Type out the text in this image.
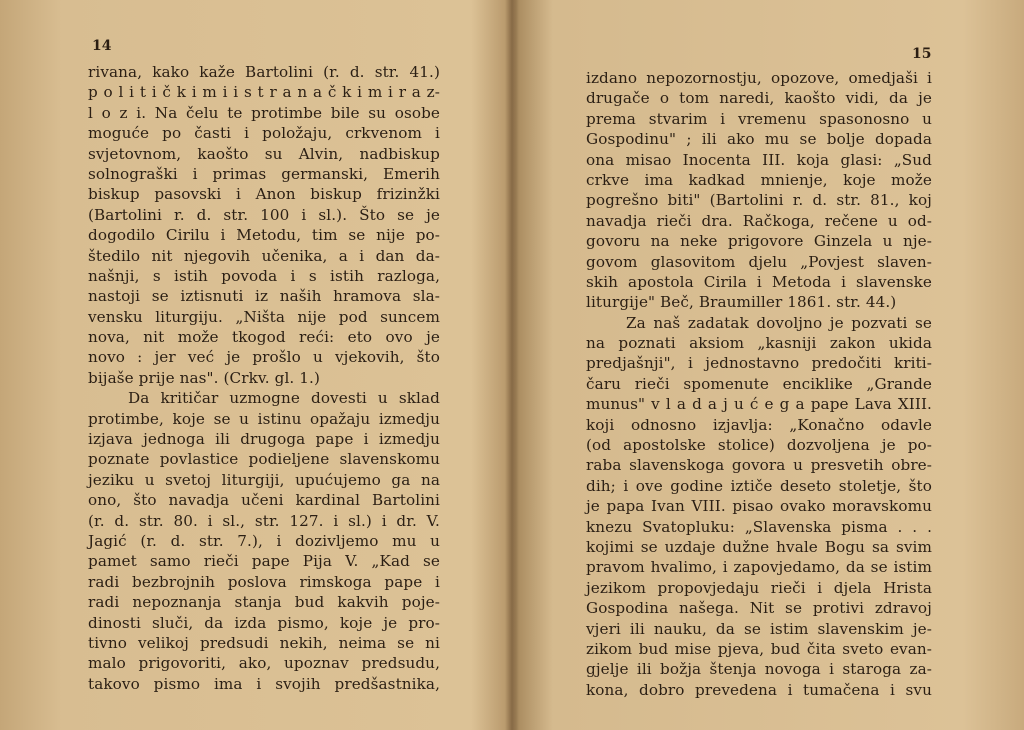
14
rivana, kako kaže Bartolini (r. d. str. 41.)
p o l i t i č k i m i i s t r a n a č k i m i r a z-
l o z i. Na čelu te protimbe bile su osobe
moguće po časti i položaju, crkvenom i
svjetovnom, kaošto su Alvin, nadbiskup
solnograški i primas germanski, Emerih
biskup pasovski i Anon biskup frizinžki
(Bartolini r. d. str. 100 i sl.). Što se je
dogodilo Cirilu i Metodu, tim se nije po-
štedilo nit njegovih učenika, a i dan da-
našnji, s istih povoda i s istih razloga,
nastoji se iztisnuti iz naših hramova sla-
vensku liturgiju. „Ništa nije pod suncem
nova, nit može tkogod reći: eto ovo je
novo : jer već je prošlo u vjekovih, što
bijaše prije nas". (Crkv. gl. 1.)
Da kritičar uzmogne dovesti u sklad
protimbe, koje se u istinu opažaju izmedju
izjava jednoga ili drugoga pape i izmedju
poznate povlastice podieljene slavenskomu
jeziku u svetoj liturgiji, upućujemo ga na
ono, što navadja učeni kardinal Bartolini
(r. d. str. 80. i sl., str. 127. i sl.) i dr. V.
Jagić (r. d. str. 7.), i dozivljemo mu u
pamet samo rieči pape Pija V. „Kad se
radi bezbrojnih poslova rimskoga pape i
radi nepoznanja stanja bud kakvih poje-
dinosti sluči, da izda pismo, koje je pro-
tivno velikoj predsudi nekih, neima se ni
malo prigovoriti, ako, upoznav predsudu,
takovo pismo ima i svojih predšastnika,
15
izdano nepozornostju, opozove, omedjaši i
drugače o tom naredi, kaošto vidi, da je
prema stvarim i vremenu spasonosno u
Gospodinu" ; ili ako mu se bolje dopada
ona misao Inocenta III. koja glasi: „Sud
crkve ima kadkad mnienje, koje može
pogrešno biti" (Bartolini r. d. str. 81., koj
navadja rieči dra. Račkoga, rečene u od-
govoru na neke prigovore Ginzela u nje-
govom glasovitom djelu „Povjest slaven-
skih apostola Cirila i Metoda i slavenske
liturgije" Beč, Braumiller 1861. str. 44.)
Za naš zadatak dovoljno je pozvati se
na poznati aksiom „kasniji zakon ukida
predjašnji", i jednostavno predočiti kriti-
čaru rieči spomenute enciklike „Grande
munus" v l a d a j u ć e g a pape Lava XIII.
koji odnosno izjavlja: „Konačno odavle
(od apostolske stolice) dozvoljena je po-
raba slavenskoga govora u presvetih obre-
dih; i ove godine iztiče deseto stoletje, što
je papa Ivan VIII. pisao ovako moravskomu
knezu Svatopluku: „Slavenska pisma . . .
kojimi se uzdaje dužne hvale Bogu sa svim
pravom hvalimo, i zapovjedamo, da se istim
jezikom propovjedaju rieči i djela Hrista
Gospodina našega. Nit se protivi zdravoj
vjeri ili nauku, da se istim slavenskim je-
zikom bud mise pjeva, bud čita sveto evan-
gjelje ili božja štenja novoga i staroga za-
kona, dobro prevedena i tumačena i svu
